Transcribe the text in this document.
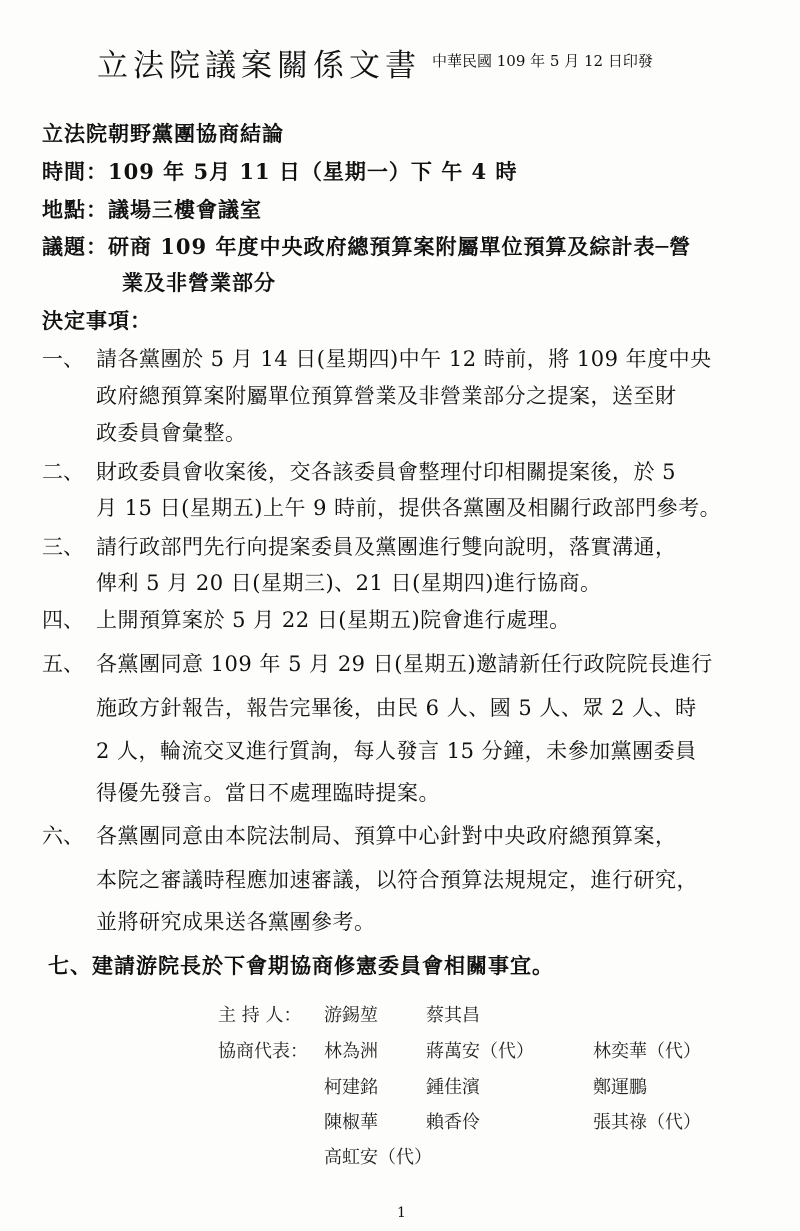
立法院議案關係文書 中華民國 109 年 5 月 12 日印發
立法院朝野黨團協商結論
時間：109 年 5月 11 日（星期一）下 午 4 時
地點：議場三樓會議室
議題：研商 109 年度中央政府總預算案附屬單位預算及綜計表─營
業及非營業部分
決定事項：
一、 請各黨團於 5 月 14 日(星期四)中午 12 時前，將 109 年度中央
政府總預算案附屬單位預算營業及非營業部分之提案，送至財
政委員會彙整。
二、 財政委員會收案後，交各該委員會整理付印相關提案後，於 5
月 15 日(星期五)上午 9 時前，提供各黨團及相關行政部門參考。
三、 請行政部門先行向提案委員及黨團進行雙向說明，落實溝通，
俾利 5 月 20 日(星期三)、21 日(星期四)進行協商。
四、 上開預算案於 5 月 22 日(星期五)院會進行處理。
五、 各黨團同意 109 年 5 月 29 日(星期五)邀請新任行政院院長進行
施政方針報告，報告完畢後，由民 6 人、國 5 人、眾 2 人、時
2 人，輪流交叉進行質詢，每人發言 15 分鐘，未參加黨團委員
得優先發言。當日不處理臨時提案。
六、 各黨團同意由本院法制局、預算中心針對中央政府總預算案，
本院之審議時程應加速審議，以符合預算法規規定，進行研究，
並將研究成果送各黨團參考。
七、建請游院長於下會期協商修憲委員會相關事宜。
主 持 人： 游錫堃	蔡其昌
協商代表： 林為洲	蔣萬安（代）	林奕華（代）
柯建銘	鍾佳濱	鄭運鵬
陳椒華	賴香伶	張其祿（代）
高虹安（代）
1
